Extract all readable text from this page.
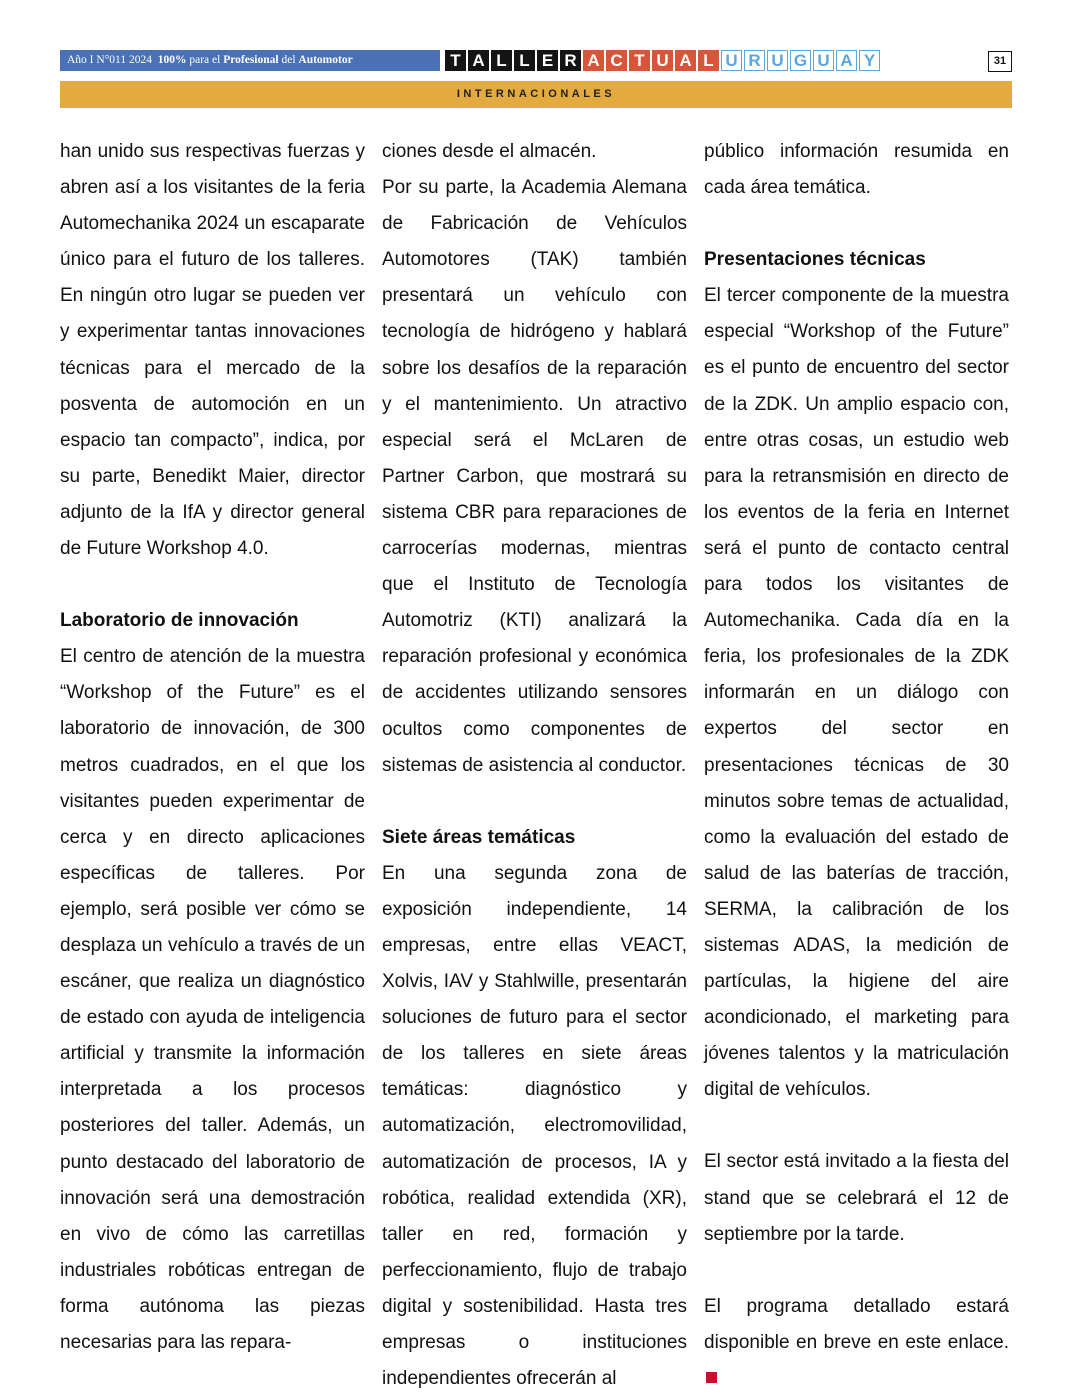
Año I N°011 2024 100% para el Profesional del Automotor	T A L L E R A C T U A L U R U G U A Y	31
INTERNACIONALES

han unido sus respectivas fuerzas y abren así a los visitantes de la feria Automechanika 2024 un escaparate único para el futuro de los talleres. En ningún otro lugar se pueden ver y experimentar tantas innovaciones técnicas para el mercado de la posventa de automoción en un espacio tan compacto”, indica, por su parte, Benedikt Maier, director adjunto de la IfA y director general de Future Workshop 4.0.

Laboratorio de innovación

El centro de atención de la muestra “Workshop of the Future” es el laboratorio de innovación, de 300 metros cuadrados, en el que los visitantes pueden experimentar de cerca y en directo aplicaciones específicas de talleres. Por ejemplo, será posible ver cómo se desplaza un vehículo a través de un escáner, que realiza un diagnóstico de estado con ayuda de inteligencia artificial y transmite la información interpretada a los procesos posteriores del taller. Además, un punto destacado del laboratorio de innovación será una demostración en vivo de cómo las carretillas industriales robóticas entregan de forma autónoma las piezas necesarias para las repara-

ciones desde el almacén.

Por su parte, la Academia Alemana de Fabricación de Vehículos Automotores (TAK) también presentará un vehículo con tecnología de hidrógeno y hablará sobre los desafíos de la reparación y el mantenimiento. Un atractivo especial será el McLaren de Partner Carbon, que mostrará su sistema CBR para reparaciones de carrocerías modernas, mientras que el Instituto de Tecnología Automotriz (KTI) analizará la reparación profesional y económica de accidentes utilizando sensores ocultos como componentes de sistemas de asistencia al conductor.

Siete áreas temáticas

En una segunda zona de exposición independiente, 14 empresas, entre ellas VEACT, Xolvis, IAV y Stahlwille, presentarán soluciones de futuro para el sector de los talleres en siete áreas temáticas: diagnóstico y automatización, electromovilidad, automatización de procesos, IA y robótica, realidad extendida (XR), taller en red, formación y perfeccionamiento, flujo de trabajo digital y sostenibilidad. Hasta tres empresas o instituciones independientes ofrecerán al

público información resumida en cada área temática.

Presentaciones técnicas

El tercer componente de la muestra especial “Workshop of the Future” es el punto de encuentro del sector de la ZDK. Un amplio espacio con, entre otras cosas, un estudio web para la retransmisión en directo de los eventos de la feria en Internet será el punto de contacto central para todos los visitantes de Automechanika. Cada día en la feria, los profesionales de la ZDK informarán en un diálogo con expertos del sector en presentaciones técnicas de 30 minutos sobre temas de actualidad, como la evaluación del estado de salud de las baterías de tracción, SERMA, la calibración de los sistemas ADAS, la medición de partículas, la higiene del aire acondicionado, el marketing para jóvenes talentos y la matriculación digital de vehículos.

El sector está invitado a la fiesta del stand que se celebrará el 12 de septiembre por la tarde.

El programa detallado estará disponible en breve en este enlace.
